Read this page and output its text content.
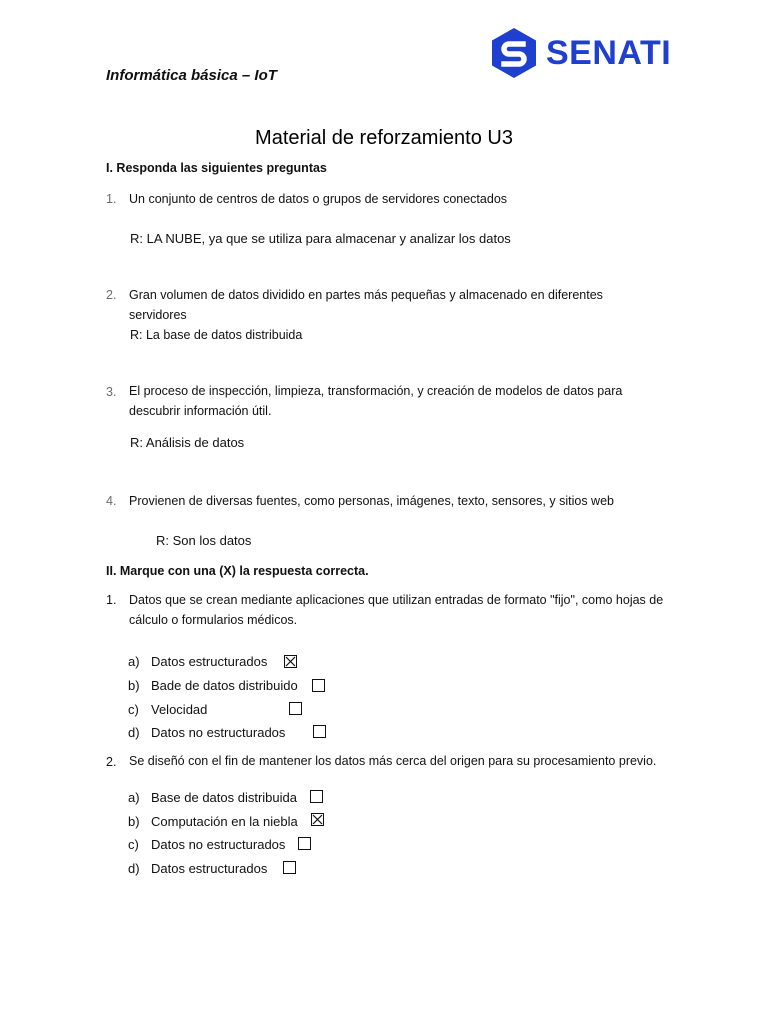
Informática básica – IoT
SENATI
Material de reforzamiento U3
I. Responda las siguientes preguntas
1. Un conjunto de centros de datos o grupos de servidores conectados
R: LA NUBE, ya que se utiliza para almacenar y analizar los datos
2. Gran volumen de datos dividido en partes más pequeñas y almacenado en diferentes servidores
R: La base de datos distribuida
3. El proceso de inspección, limpieza, transformación, y creación de modelos de datos para descubrir información útil.
R: Análisis de datos
4. Provienen de diversas fuentes, como personas, imágenes, texto, sensores, y sitios web
R: Son los datos
II. Marque con una (X) la respuesta correcta.
1. Datos que se crean mediante aplicaciones que utilizan entradas de formato "fijo", como hojas de cálculo o formularios médicos.
a) Datos estructurados
b) Bade de datos distribuido
c) Velocidad
d) Datos no estructurados
2. Se diseñó con el fin de mantener los datos más cerca del origen para su procesamiento previo.
a) Base de datos distribuida
b) Computación en la niebla
c) Datos no estructurados
d) Datos estructurados
